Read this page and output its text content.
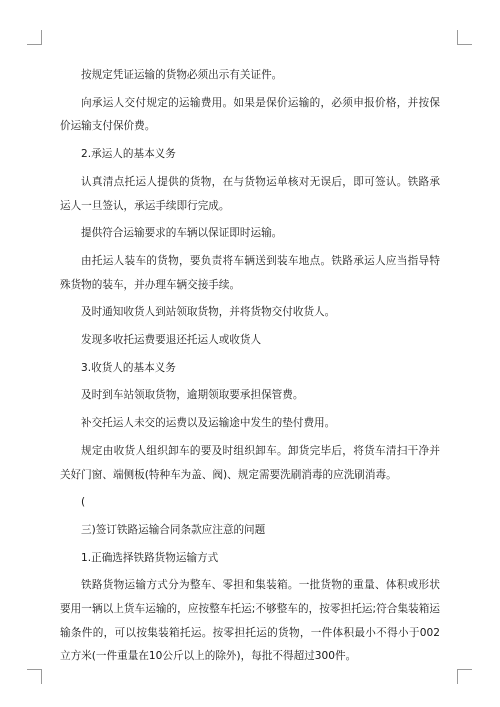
按规定凭证运输的货物必须出示有关证件。

向承运人交付规定的运输费用。如果是保价运输的，必须申报价格，并按保价运输支付保价费。

2.承运人的基本义务

认真清点托运人提供的货物，在与货物运单核对无误后，即可签认。铁路承运人一旦签认，承运手续即行完成。

提供符合运输要求的车辆以保证即时运输。

由托运人装车的货物，要负责将车辆送到装车地点。铁路承运人应当指导特殊货物的装车，并办理车辆交接手续。

及时通知收货人到站领取货物，并将货物交付收货人。

发现多收托运费要退还托运人或收货人

3.收货人的基本义务

及时到车站领取货物，逾期领取要承担保管费。

补交托运人未交的运费以及运输途中发生的垫付费用。

规定由收货人组织卸车的要及时组织卸车。卸货完毕后，将货车清扫干净并关好门窗、端侧板(特种车为盖、阀)、规定需要洗刷消毒的应洗刷消毒。

(

三)签订铁路运输合同条款应注意的问题

1.正确选择铁路货物运输方式

铁路货物运输方式分为整车、零担和集装箱。一批货物的重量、体积或形状要用一辆以上货车运输的，应按整车托运;不够整车的，按零担托运;符合集装箱运输条件的，可以按集装箱托运。按零担托运的货物，一件体积最小不得小于002立方米(一件重量在10公斤以上的除外)，每批不得超过300件。
